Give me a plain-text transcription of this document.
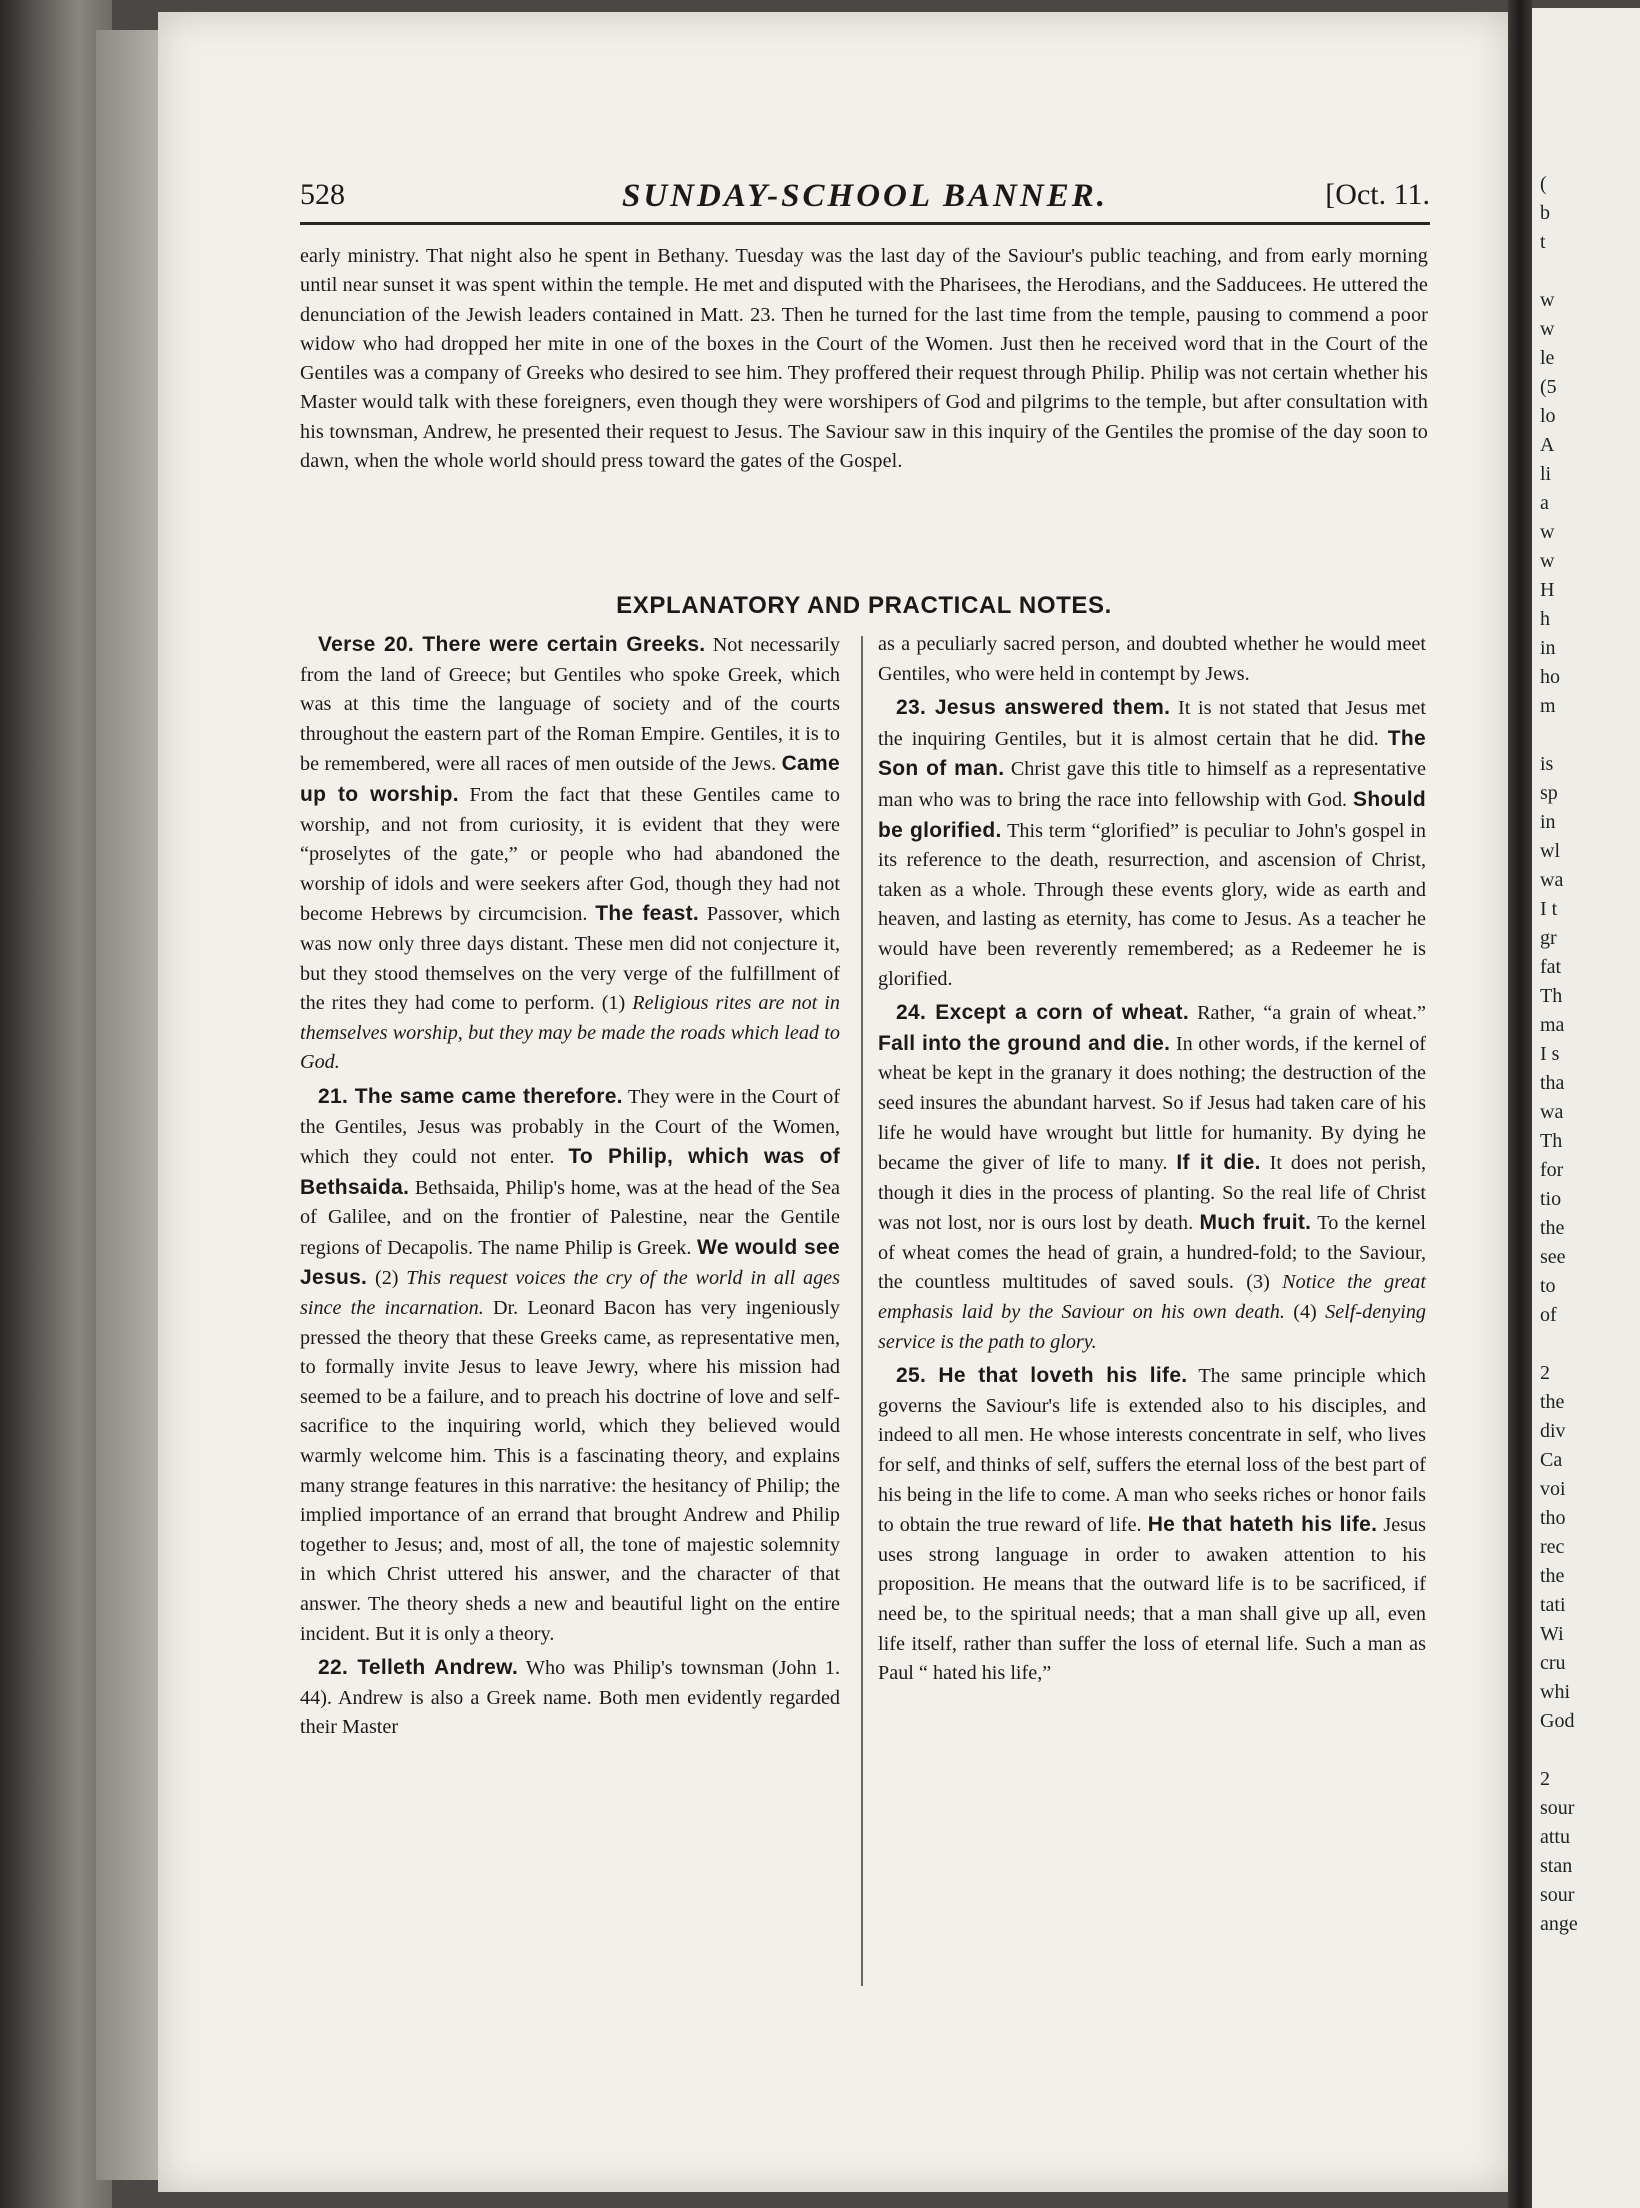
(
b
t
w
w
le
(5
lo
A
li
a
w
w
H
h
in
ho
m
is
sp
in
wl
wa
I t
gr
fat
Th
ma
I s
tha
wa
Th
for
tio
the
see
to
of
2
the
div
Ca
voi
tho
rec
the
tati
Wi
cru
whi
God
2
sour
attu
stan
sour
ange
528	SUNDAY-SCHOOL BANNER.	[Oct. 11.
early ministry. That night also he spent in Bethany. Tuesday was the last day of the Saviour's public teaching, and from early morning until near sunset it was spent within the temple. He met and disputed with the Pharisees, the Herodians, and the Sadducees. He uttered the denunciation of the Jewish leaders contained in Matt. 23. Then he turned for the last time from the temple, pausing to commend a poor widow who had dropped her mite in one of the boxes in the Court of the Women. Just then he received word that in the Court of the Gentiles was a company of Greeks who desired to see him. They proffered their request through Philip. Philip was not certain whether his Master would talk with these foreigners, even though they were worshipers of God and pilgrims to the temple, but after consultation with his townsman, Andrew, he presented their request to Jesus. The Saviour saw in this inquiry of the Gentiles the promise of the day soon to dawn, when the whole world should press toward the gates of the Gospel.
EXPLANATORY AND PRACTICAL NOTES.

Verse 20. There were certain Greeks. Not necessarily from the land of Greece; but Gentiles who spoke Greek, which was at this time the language of society and of the courts throughout the eastern part of the Roman Empire. Gentiles, it is to be remembered, were all races of men outside of the Jews. Came up to worship. From the fact that these Gentiles came to worship, and not from curiosity, it is evident that they were “proselytes of the gate,” or people who had abandoned the worship of idols and were seekers after God, though they had not become Hebrews by circumcision. The feast. Passover, which was now only three days distant. These men did not conjecture it, but they stood themselves on the very verge of the fulfillment of the rites they had come to perform. (1) Religious rites are not in themselves worship, but they may be made the roads which lead to God.

21. The same came therefore. They were in the Court of the Gentiles, Jesus was probably in the Court of the Women, which they could not enter. To Philip, which was of Bethsaida. Bethsaida, Philip's home, was at the head of the Sea of Galilee, and on the frontier of Palestine, near the Gentile regions of Decapolis. The name Philip is Greek. We would see Jesus. (2) This request voices the cry of the world in all ages since the incarnation. Dr. Leonard Bacon has very ingeniously pressed the theory that these Greeks came, as representative men, to formally invite Jesus to leave Jewry, where his mission had seemed to be a failure, and to preach his doctrine of love and self-sacrifice to the inquiring world, which they believed would warmly welcome him. This is a fascinating theory, and explains many strange features in this narrative: the hesitancy of Philip; the implied importance of an errand that brought Andrew and Philip together to Jesus; and, most of all, the tone of majestic solemnity in which Christ uttered his answer, and the character of that answer. The theory sheds a new and beautiful light on the entire incident. But it is only a theory.

22. Telleth Andrew. Who was Philip's townsman (John 1. 44). Andrew is also a Greek name. Both men evidently regarded their Master

as a peculiarly sacred person, and doubted whether he would meet Gentiles, who were held in contempt by Jews.

23. Jesus answered them. It is not stated that Jesus met the inquiring Gentiles, but it is almost certain that he did. The Son of man. Christ gave this title to himself as a representative man who was to bring the race into fellowship with God. Should be glorified. This term “glorified” is peculiar to John's gospel in its reference to the death, resurrection, and ascension of Christ, taken as a whole. Through these events glory, wide as earth and heaven, and lasting as eternity, has come to Jesus. As a teacher he would have been reverently remembered; as a Redeemer he is glorified.

24. Except a corn of wheat. Rather, “a grain of wheat.” Fall into the ground and die. In other words, if the kernel of wheat be kept in the granary it does nothing; the destruction of the seed insures the abundant harvest. So if Jesus had taken care of his life he would have wrought but little for humanity. By dying he became the giver of life to many. If it die. It does not perish, though it dies in the process of planting. So the real life of Christ was not lost, nor is ours lost by death. Much fruit. To the kernel of wheat comes the head of grain, a hundred-fold; to the Saviour, the countless multitudes of saved souls. (3) Notice the great emphasis laid by the Saviour on his own death. (4) Self-denying service is the path to glory.

25. He that loveth his life. The same principle which governs the Saviour's life is extended also to his disciples, and indeed to all men. He whose interests concentrate in self, who lives for self, and thinks of self, suffers the eternal loss of the best part of his being in the life to come. A man who seeks riches or honor fails to obtain the true reward of life. He that hateth his life. Jesus uses strong language in order to awaken attention to his proposition. He means that the outward life is to be sacrificed, if need be, to the spiritual needs; that a man shall give up all, even life itself, rather than suffer the loss of eternal life. Such a man as Paul “ hated his life,”
